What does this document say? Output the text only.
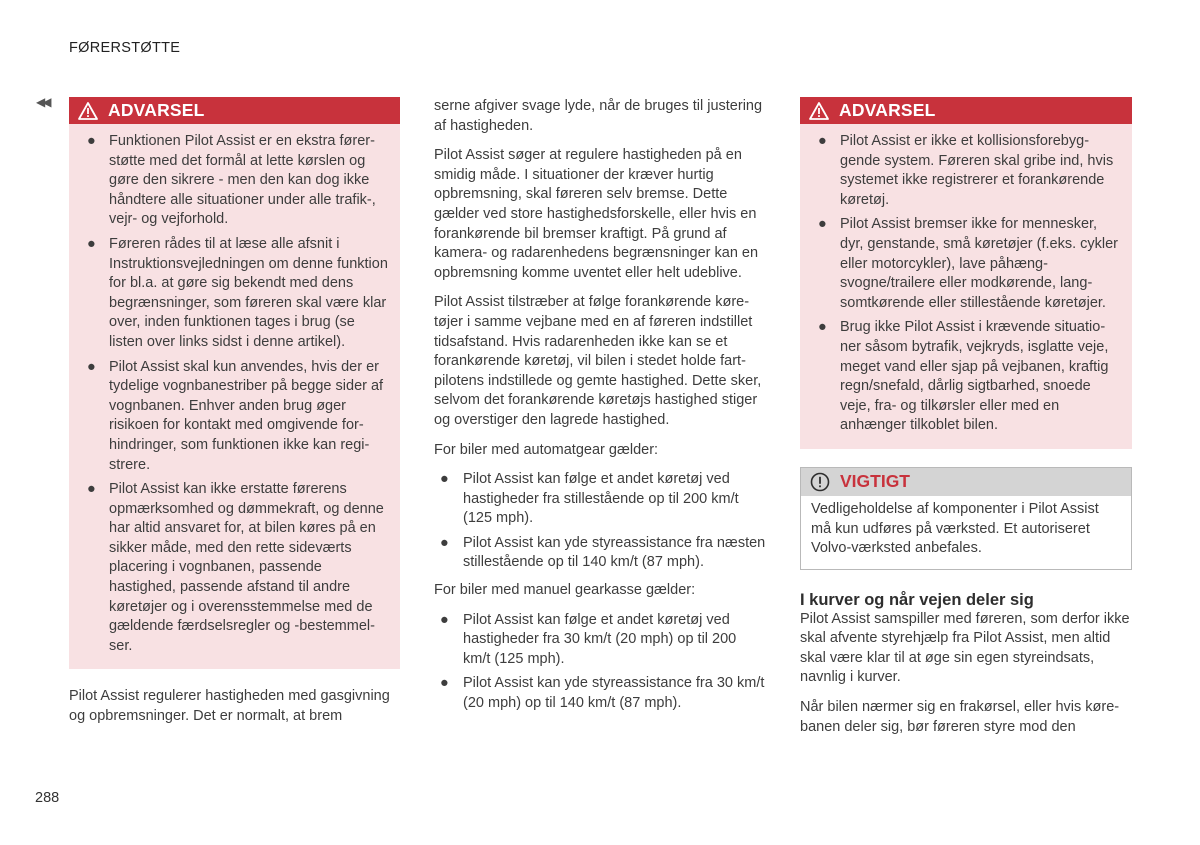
FØRERSTØTTE
◀◀	ADVARSEL
● Funktionen Pilot Assist er en ekstra førerstøtte med det formål at lette kørslen og gøre den sikrere - men den kan dog ikke håndtere alle situationer under alle trafik-, vejr- og vejforhold.
● Føreren rådes til at læse alle afsnit i Instruktionsvejledningen om denne funktion for bl.a. at gøre sig bekendt med dens begrænsninger, som føreren skal være klar over, inden funktionen tages i brug (se listen over links sidst i denne artikel).
● Pilot Assist skal kun anvendes, hvis der er tydelige vognbanestriber på begge sider af vognbanen. Enhver anden brug øger risikoen for kontakt med omgivende forhindringer, som funktionen ikke kan registrere.
● Pilot Assist kan ikke erstatte førerens opmærksomhed og dømmekraft, og denne har altid ansvaret for, at bilen køres på en sikker måde, med den rette sideværts placering i vognbanen, passende hastighed, passende afstand til andre køretøjer og i overensstemmelse med de gældende færdselsregler og -bestemmelser.

Pilot Assist regulerer hastigheden med gasgivning og opbremsninger. Det er normalt, at brem

serne afgiver svage lyde, når de bruges til justering af hastigheden.

Pilot Assist søger at regulere hastigheden på en smidig måde. I situationer der kræver hurtig opbremsning, skal føreren selv bremse. Dette gælder ved store hastighedsforskelle, eller hvis en forankørende bil bremser kraftigt. På grund af kamera- og radarenhedens begrænsninger kan en opbremsning komme uventet eller helt udeblive.

Pilot Assist tilstræber at følge forankørende køretøjer i samme vejbane med en af føreren indstillet tidsafstand. Hvis radarenheden ikke kan se et forankørende køretøj, vil bilen i stedet holde fartpilotens indstillede og gemte hastighed. Dette sker, selvom det forankørende køretøjs hastighed stiger og overstiger den lagrede hastighed.

For biler med automatgear gælder:

● Pilot Assist kan følge et andet køretøj ved hastigheder fra stillestående op til 200 km/t (125 mph).
● Pilot Assist kan yde styreassistance fra næsten stillestående op til 140 km/t (87 mph).

For biler med manuel gearkasse gælder:

● Pilot Assist kan følge et andet køretøj ved hastigheder fra 30 km/t (20 mph) op til 200 km/t (125 mph).
● Pilot Assist kan yde styreassistance fra 30 km/t (20 mph) op til 140 km/t (87 mph).
ADVARSEL
● Pilot Assist er ikke et kollisionsforebyggende system. Føreren skal gribe ind, hvis systemet ikke registrerer et forankørende køretøj.
● Pilot Assist bremser ikke for mennesker, dyr, genstande, små køretøjer (f.eks. cykler eller motorcykler), lave påhængsvogne/trailere eller modkørende, langsomtkørende eller stillestående køretøjer.
● Brug ikke Pilot Assist i krævende situationer såsom bytrafik, vejkryds, isglatte veje, meget vand eller sjap på vejbanen, kraftig regn/snefald, dårlig sigtbarhed, snoede veje, fra- og tilkørsler eller med en anhænger tilkoblet bilen.
VIGTIGT
Vedligeholdelse af komponenter i Pilot Assist må kun udføres på værksted. Et autoriseret Volvo-værksted anbefales.
I kurver og når vejen deler sig

Pilot Assist samspiller med føreren, som derfor ikke skal afvente styrehjælp fra Pilot Assist, men altid skal være klar til at øge sin egen styreindsats, navnlig i kurver.

Når bilen nærmer sig en frakørsel, eller hvis kørebanen deler sig, bør føreren styre mod den

288
